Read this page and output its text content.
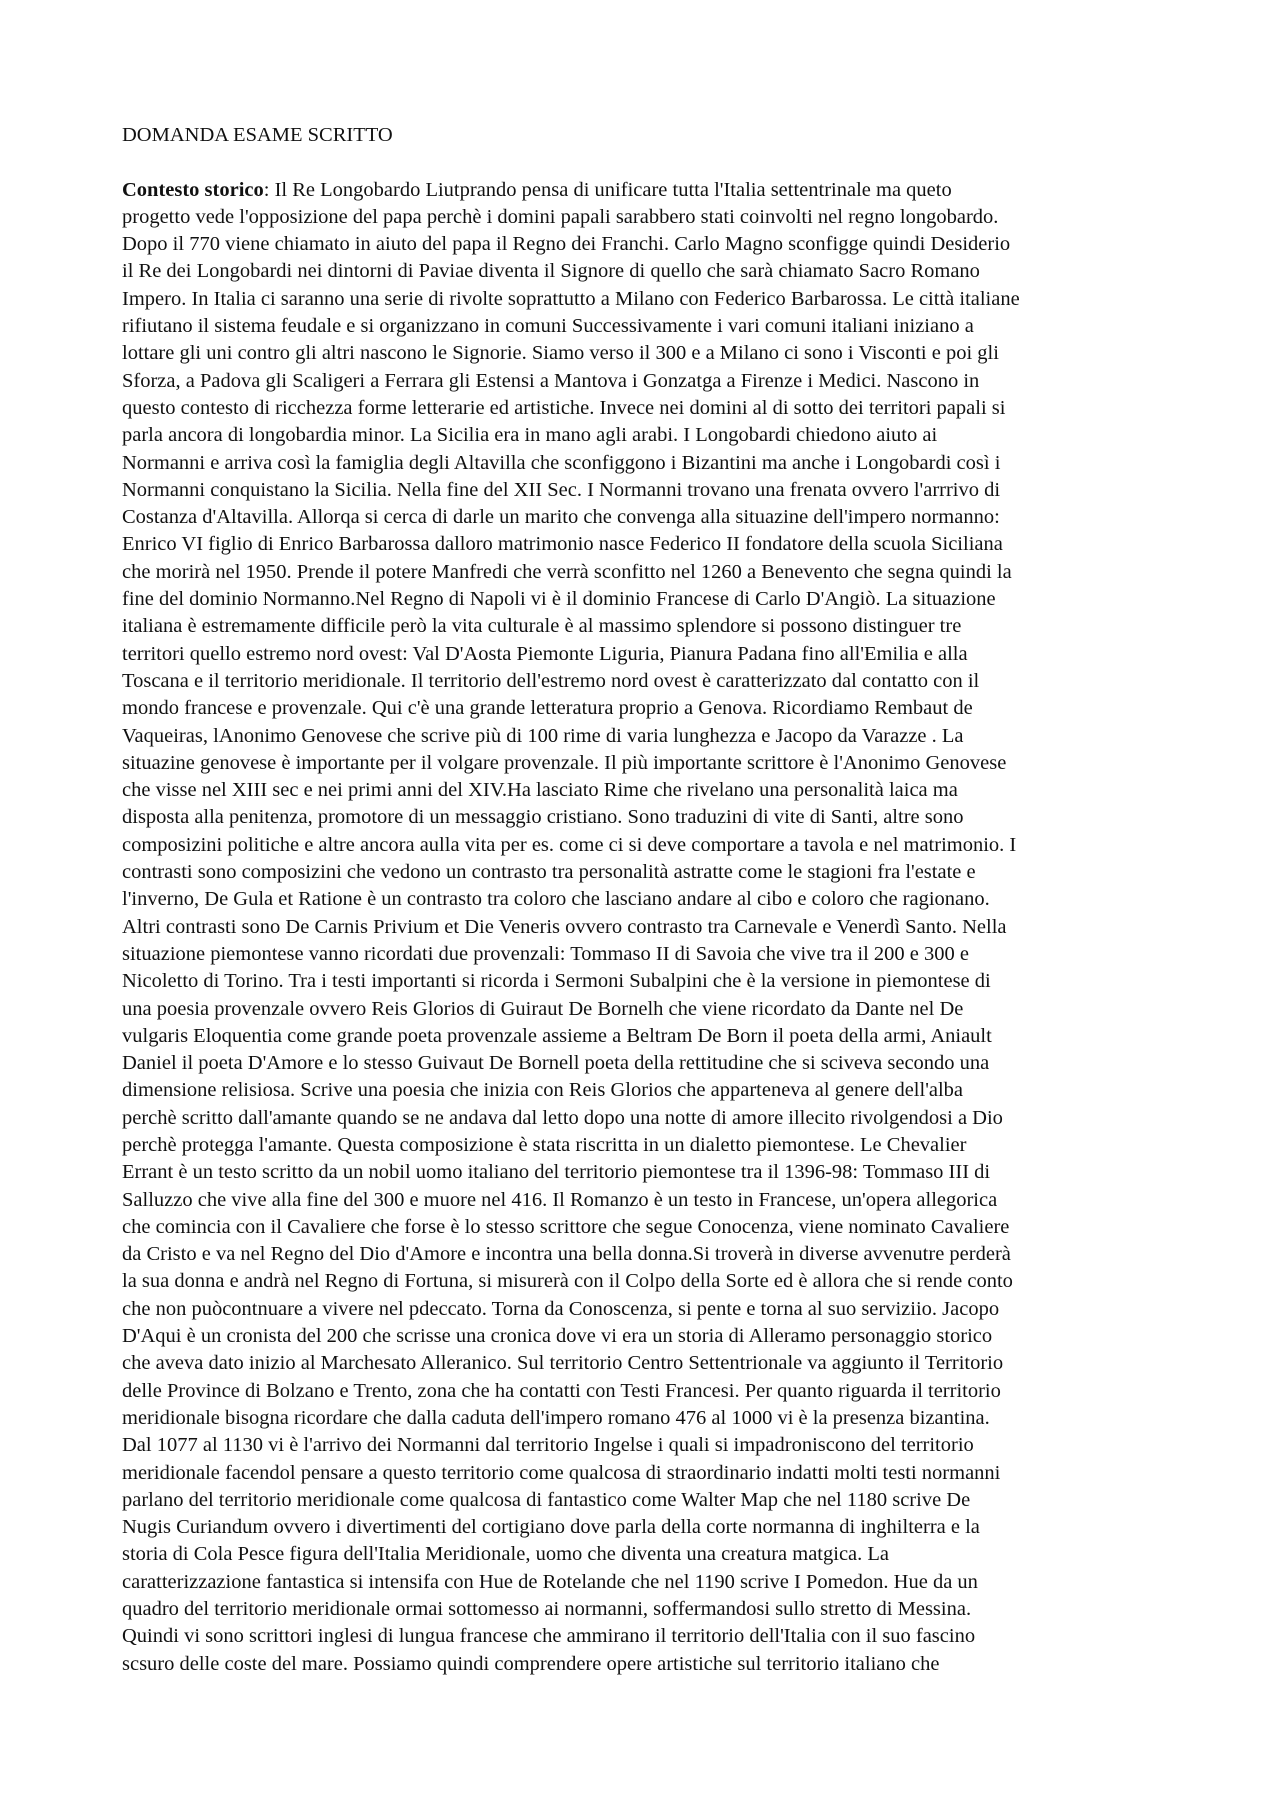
DOMANDA ESAME SCRITTO
Contesto storico: Il Re Longobardo Liutprando pensa di unificare tutta l'Italia settentrinale ma queto
progetto vede l'opposizione del papa perchè i domini papali sarabbero stati coinvolti nel regno longobardo.
Dopo il 770 viene chiamato in aiuto del papa il Regno dei Franchi. Carlo Magno sconfigge quindi Desiderio
il Re dei Longobardi nei dintorni di Paviae diventa il Signore di quello che sarà chiamato Sacro Romano
Impero. In Italia ci saranno una serie di rivolte soprattutto a Milano con Federico Barbarossa. Le città italiane
rifiutano il sistema feudale e si organizzano in comuni Successivamente i vari comuni italiani iniziano a
lottare gli uni contro gli altri nascono le Signorie. Siamo verso il 300 e a Milano ci sono i Visconti e poi gli
Sforza, a Padova gli Scaligeri a Ferrara gli Estensi a Mantova i Gonzatga a Firenze i Medici. Nascono in
questo contesto di ricchezza forme letterarie ed artistiche. Invece nei domini al di sotto dei territori papali si
parla ancora di longobardia minor. La Sicilia era in mano agli arabi. I Longobardi chiedono aiuto ai
Normanni e arriva così la famiglia degli Altavilla che sconfiggono i Bizantini ma anche i Longobardi così i
Normanni conquistano la Sicilia. Nella fine del XII Sec. I Normanni trovano una frenata ovvero l'arrrivo di
Costanza d'Altavilla. Allorqa si cerca di darle un marito che convenga alla situazine dell'impero normanno:
Enrico VI figlio di Enrico Barbarossa dalloro matrimonio nasce Federico II fondatore della scuola Siciliana
che morirà nel 1950. Prende il potere Manfredi che verrà sconfitto nel 1260 a Benevento che segna quindi la
fine del dominio Normanno.Nel Regno di Napoli vi è il dominio Francese di Carlo D'Angiò. La situazione
italiana è estremamente difficile però la vita culturale è al massimo splendore si possono distinguer tre
territori quello estremo nord ovest: Val D'Aosta Piemonte Liguria, Pianura Padana fino all'Emilia e alla
Toscana e il territorio meridionale. Il territorio dell'estremo nord ovest è caratterizzato dal contatto con il
mondo francese e provenzale. Qui c'è una grande letteratura proprio a Genova. Ricordiamo Rembaut de
Vaqueiras, lAnonimo Genovese che scrive più di 100 rime di varia lunghezza e Jacopo da Varazze . La
situazine genovese è importante per il volgare provenzale. Il più importante scrittore è l'Anonimo Genovese
che visse nel XIII sec e nei primi anni del XIV.Ha lasciato Rime che rivelano una personalità laica ma
disposta alla penitenza, promotore di un messaggio cristiano. Sono traduzini di vite di Santi, altre sono
composizini politiche e altre ancora aulla vita per es. come ci si deve comportare a tavola e nel matrimonio. I
contrasti sono composizini che vedono un contrasto tra personalità astratte come le stagioni fra l'estate e
l'inverno, De Gula et Ratione è un contrasto tra coloro che lasciano andare al cibo e coloro che ragionano.
Altri contrasti sono De Carnis Privium et Die Veneris ovvero contrasto tra Carnevale e Venerdì Santo. Nella
situazione piemontese vanno ricordati due provenzali: Tommaso II di Savoia che vive tra il 200 e 300 e
Nicoletto di Torino. Tra i testi importanti si ricorda i Sermoni Subalpini che è la versione in piemontese di
una poesia provenzale ovvero Reis Glorios di Guiraut De Bornelh che viene ricordato da Dante nel De
vulgaris Eloquentia come grande poeta provenzale assieme a Beltram De Born il poeta della armi, Aniault
Daniel il poeta D'Amore e lo stesso Guivaut De Bornell poeta della rettitudine che si sciveva secondo una
dimensione relisiosa. Scrive una poesia che inizia con Reis Glorios che apparteneva al genere dell'alba
perchè scritto dall'amante quando se ne andava dal letto dopo una notte di amore illecito rivolgendosi a Dio
perchè protegga l'amante. Questa composizione è stata riscritta in un dialetto piemontese. Le Chevalier
Errant è un testo scritto da un nobil uomo italiano del territorio piemontese tra il 1396-98: Tommaso III di
Salluzzo che vive alla fine del 300 e muore nel 416. Il Romanzo è un testo in Francese, un'opera allegorica
che comincia con il Cavaliere che forse è lo stesso scrittore che segue Conocenza, viene nominato Cavaliere
da Cristo e va nel Regno del Dio d'Amore e incontra una bella donna.Si troverà in diverse avvenutre perderà
la sua donna e andrà nel Regno di Fortuna, si misurerà con il Colpo della Sorte ed è allora che si rende conto
che non puòcontnuare a vivere nel pdeccato. Torna da Conoscenza, si pente e torna al suo serviziio. Jacopo
D'Aqui è un cronista del 200 che scrisse una cronica dove vi era un storia di Alleramo personaggio storico
che aveva dato inizio al Marchesato Alleranico. Sul territorio Centro Settentrionale va aggiunto il Territorio
delle Province di Bolzano e Trento, zona che ha contatti con Testi Francesi. Per quanto riguarda il territorio
meridionale bisogna ricordare che dalla caduta dell'impero romano 476 al 1000 vi è la presenza bizantina.
Dal 1077 al 1130 vi è l'arrivo dei Normanni dal territorio Ingelse i quali si impadroniscono del territorio
meridionale facendol pensare a questo territorio come qualcosa di straordinario indatti molti testi normanni
parlano del territorio meridionale come qualcosa di fantastico come Walter Map che nel 1180 scrive De
Nugis Curiandum ovvero i divertimenti del cortigiano dove parla della corte normanna di inghilterra e la
storia di Cola Pesce figura dell'Italia Meridionale, uomo che diventa una creatura matgica. La
caratterizzazione fantastica si intensifa con Hue de Rotelande che nel 1190 scrive I Pomedon. Hue da un
quadro del territorio meridionale ormai sottomesso ai normanni, soffermandosi sullo stretto di Messina.
Quindi vi sono scrittori inglesi di lungua francese che ammirano il territorio dell'Italia con il suo fascino
scsuro delle coste del mare. Possiamo quindi comprendere opere artistiche sul territorio italiano che
